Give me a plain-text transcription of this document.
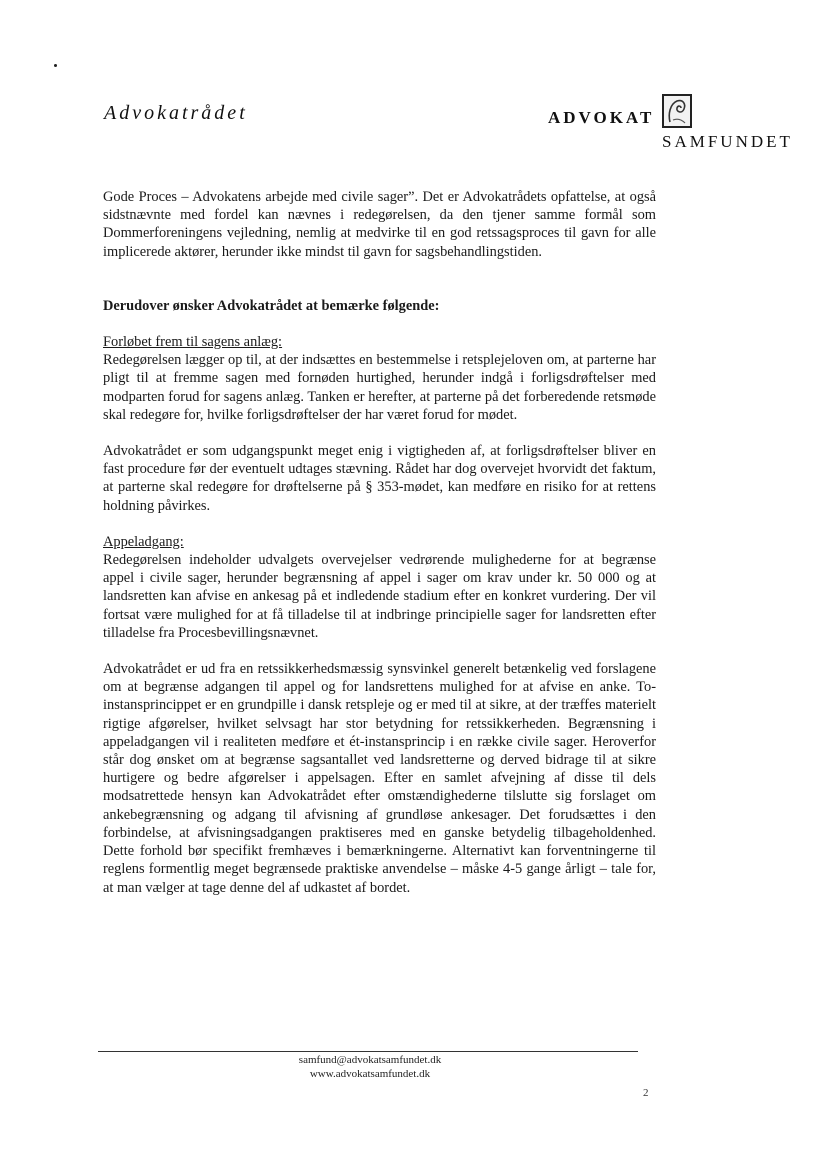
Advokatrådet	ADVOKAT
SAMFUNDET

Gode Proces – Advokatens arbejde med civile sager”. Det er Advokatrådets opfattelse, at også sidstnævnte med fordel kan nævnes i redegørelsen, da den tjener samme formål som Dommerforeningens vejledning, nemlig at medvirke til en god retssagsproces til gavn for alle implicerede aktører, herunder ikke mindst til gavn for sagsbehandlingstiden.

Derudover ønsker Advokatrådet at bemærke følgende:

Forløbet frem til sagens anlæg:

Redegørelsen lægger op til, at der indsættes en bestemmelse i retsplejeloven om, at parterne har pligt til at fremme sagen med fornøden hurtighed, herunder indgå i forligsdrøftelser med modparten forud for sagens anlæg. Tanken er herefter, at parterne på det forberedende retsmøde skal redegøre for, hvilke forligsdrøftelser der har været forud for mødet.

Advokatrådet er som udgangspunkt meget enig i vigtigheden af, at forligsdrøftelser bliver en fast procedure før der eventuelt udtages stævning. Rådet har dog overvejet hvorvidt det faktum, at parterne skal redegøre for drøftelserne på § 353-mødet, kan medføre en risiko for at rettens holdning påvirkes.

Appeladgang:

Redegørelsen indeholder udvalgets overvejelser vedrørende mulighederne for at begrænse appel i civile sager, herunder begrænsning af appel i sager om krav under kr. 50 000 og at landsretten kan afvise en ankesag på et indledende stadium efter en konkret vurdering. Der vil fortsat være mulighed for at få tilladelse til at indbringe principielle sager for landsretten efter tilladelse fra Procesbevillingsnævnet.

Advokatrådet er ud fra en retssikkerhedsmæssig synsvinkel generelt betænkelig ved forslagene om at begrænse adgangen til appel og for landsrettens mulighed for at afvise en anke. To-instansprincippet er en grundpille i dansk retspleje og er med til at sikre, at der træffes materielt rigtige afgørelser, hvilket selvsagt har stor betydning for retssikkerheden. Begrænsning i appeladgangen vil i realiteten medføre et ét-instansprincip i en række civile sager. Heroverfor står dog ønsket om at begrænse sagsantallet ved landsretterne og derved bidrage til at sikre hurtigere og bedre afgørelser i appelsagen. Efter en samlet afvejning af disse til dels modsatrettede hensyn kan Advokatrådet efter omstændighederne tilslutte sig forslaget om ankebegrænsning og adgang til afvisning af grundløse ankesager. Det forudsættes i den forbindelse, at afvisningsadgangen praktiseres med en ganske betydelig tilbageholdenhed. Dette forhold bør specifikt fremhæves i bemærkningerne. Alternativt kan forventningerne til reglens formentlig meget begrænsede praktiske anvendelse – måske 4-5 gange årligt – tale for, at man vælger at tage denne del af udkastet af bordet.

samfund@advokatsamfundet.dk
www.advokatsamfundet.dk
2
